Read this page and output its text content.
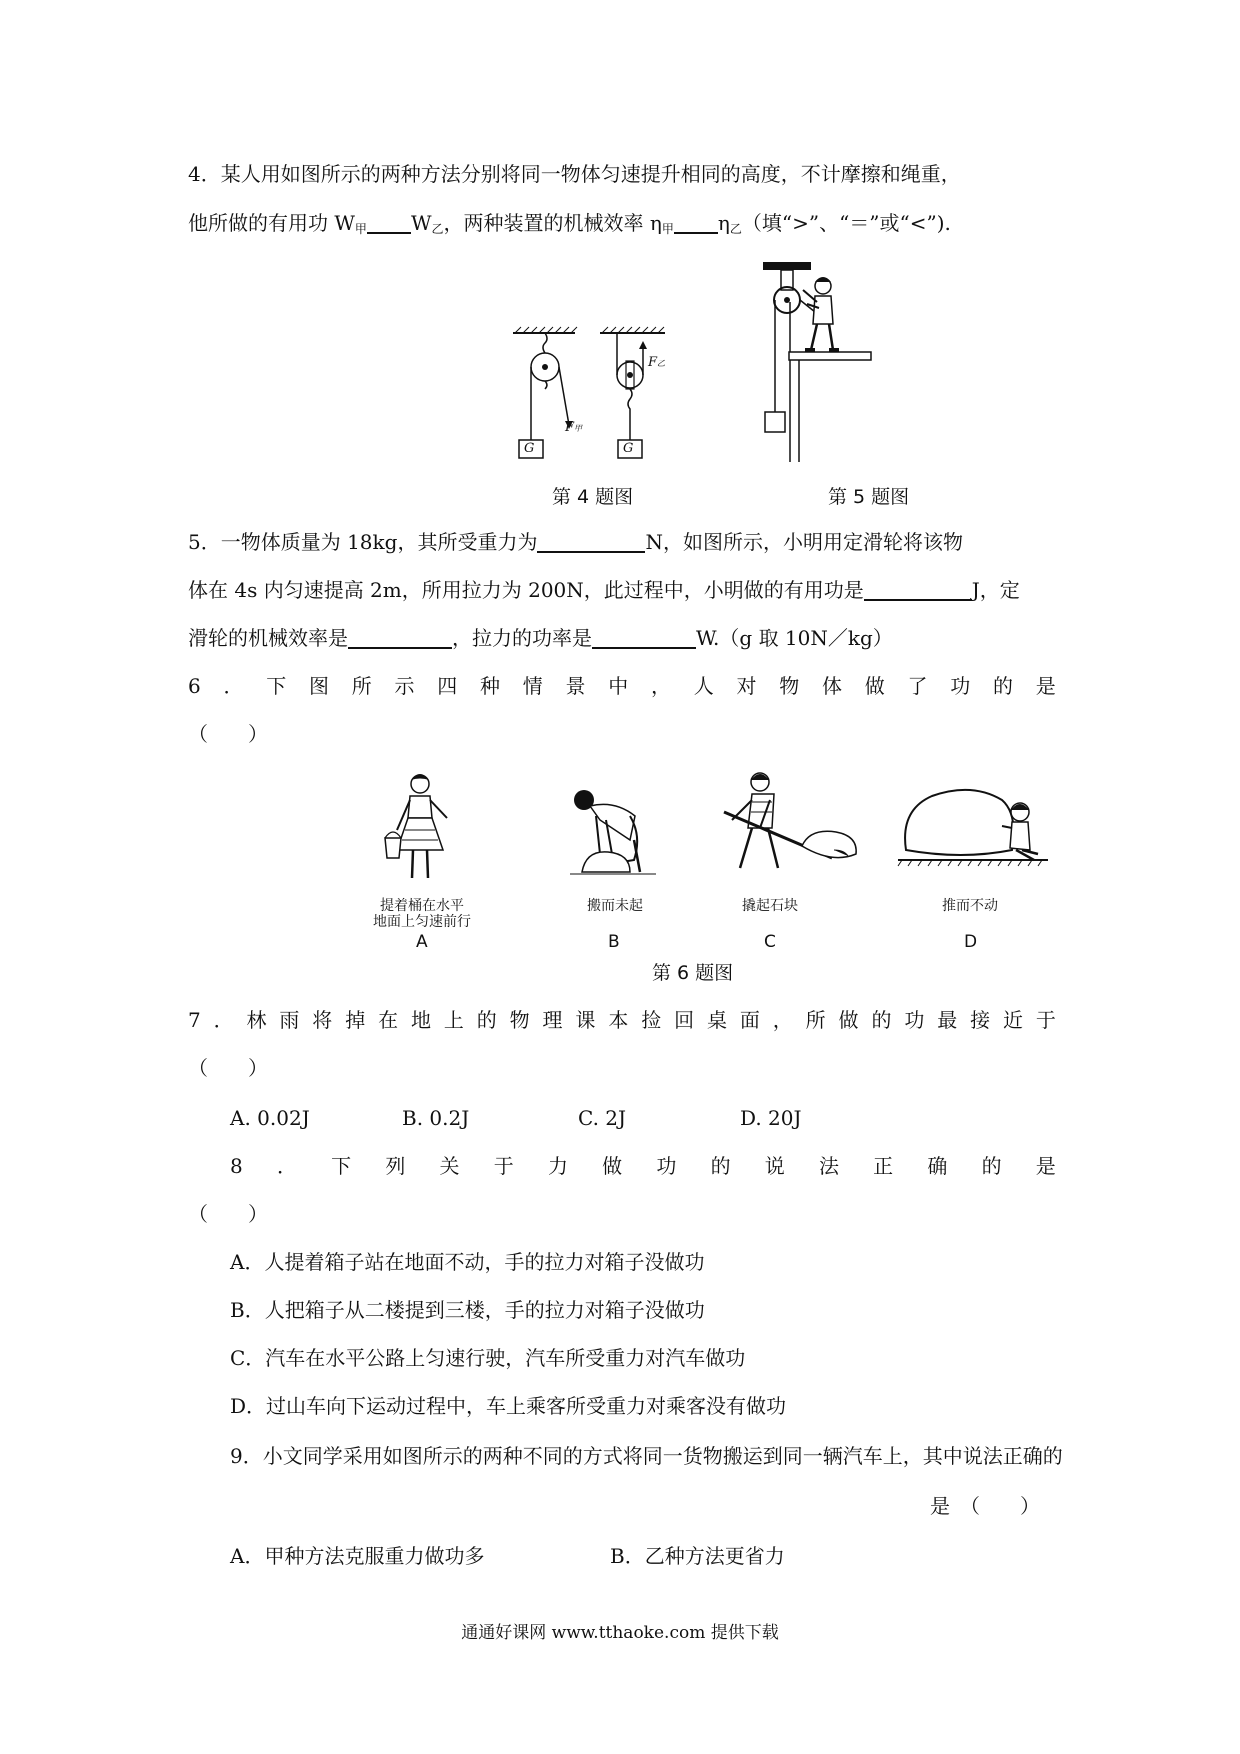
4．某人用如图所示的两种方法分别将同一物体匀速提升相同的高度，不计摩擦和绳重，
他所做的有用功 $W_甲$ $W_乙$，两种装置的机械效率 $\eta_甲$ $\eta_乙$（填“>”、“＝”或“<”).
G	G
F甲
F乙
第 4 题图	第 5 题图
5．一物体质量为 18kg，其所受重力为	N，如图所示，小明用定滑轮将该物
体在 4s 内匀速提高 2m，所用拉力为 200N，此过程中，小明做的有用功是	J，定
滑轮的机械效率是	，拉力的功率是	W.（g 取 10N／kg）
6 ． 下 图 所 示 四 种 情 景 中 ， 人 对 物 体 做 了 功 的 是
（　　）
提着桶在水平
地面上匀速前行
搬而未起	撬起石块	推而不动
A	B	C	D
第 6 题图
7 ． 林 雨 将 掉 在 地 上 的 物 理 课 本 捡 回 桌 面 ， 所 做 的 功 最 接 近 于
（　　）
A. 0.02J	B. 0.2J	C. 2J	D. 20J
8 ． 下 列 关 于 力 做 功 的 说 法 正 确 的 是
（　　）
A．人提着箱子站在地面不动，手的拉力对箱子没做功
B．人把箱子从二楼提到三楼，手的拉力对箱子没做功
C．汽车在水平公路上匀速行驶，汽车所受重力对汽车做功
D．过山车向下运动过程中，车上乘客所受重力对乘客没有做功
9．小文同学采用如图所示的两种不同的方式将同一货物搬运到同一辆汽车上，其中说法正确的
是　（　　）
A．甲种方法克服重力做功多	B．乙种方法更省力
通通好课网 www.tthaoke.com 提供下载
